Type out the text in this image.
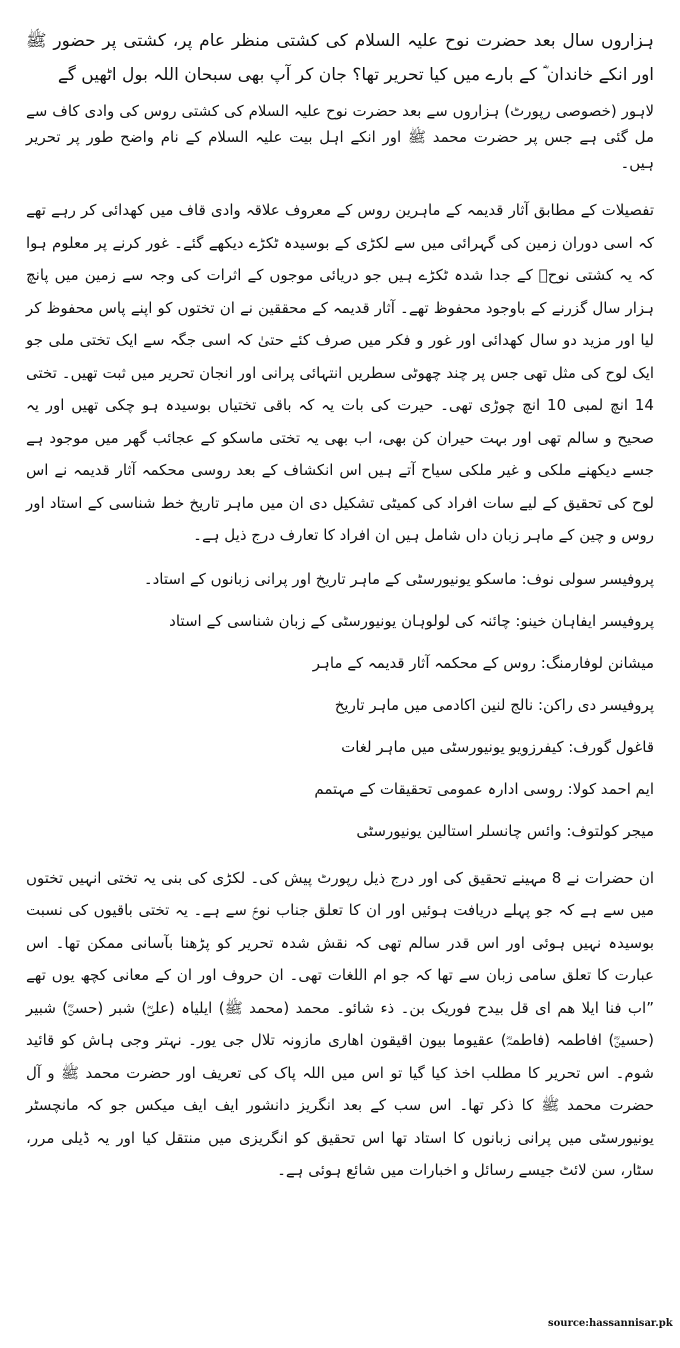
ہزاروں سال بعد حضرت نوح علیہ السلام کی کشتی منظر عام پر، کشتی پر حضور ﷺ اور انکے خاندان ؓ کے بارے میں کیا تحریر تھا؟ جان کر آپ بھی سبحان اللہ بول اٹھیں گے

لاہور (خصوصی رپورٹ) ہزاروں سے بعد حضرت نوح علیہ السلام کی کشتی روس کی وادی کاف سے مل گئی ہے جس پر حضرت محمد ﷺ اور انکے اہل بیت علیہ السلام کے نام واضح طور پر تحریر ہیں۔

تفصیلات کے مطابق آثار قدیمہ کے ماہرین روس کے معروف علاقہ وادی قاف میں کھدائی کر رہے تھے کہ اسی دوران زمین کی گہرائی میں سے لکڑی کے بوسیدہ ٹکڑے دیکھے گئے۔ غور کرنے پر معلوم ہوا کہ یہ کشتی نوحؑ کے جدا شدہ ٹکڑے ہیں جو دریائی موجوں کے اثرات کی وجہ سے زمین میں پانچ ہزار سال گزرنے کے باوجود محفوظ تھے۔ آثار قدیمہ کے محققین نے ان تختوں کو اپنے پاس محفوظ کر لیا اور مزید دو سال کھدائی اور غور و فکر میں صرف کئے حتیٰ کہ اسی جگہ سے ایک تختی ملی جو ایک لوح کی مثل تھی جس پر چند چھوٹی سطریں انتہائی پرانی اور انجان تحریر میں ثبت تھیں۔ تختی 14 انچ لمبی 10 انچ چوڑی تھی۔ حیرت کی بات یہ کہ باقی تختیاں بوسیدہ ہو چکی تھیں اور یہ صحیح و سالم تھی اور بہت حیران کن بھی، اب بھی یہ تختی ماسکو کے عجائب گھر میں موجود ہے جسے دیکھنے ملکی و غیر ملکی سیاح آتے ہیں اس انکشاف کے بعد روسی محکمہ آثار قدیمہ نے اس لوح کی تحقیق کے لیے سات افراد کی کمیٹی تشکیل دی ان میں ماہر تاریخ خط شناسی کے استاد اور روس و چین کے ماہر زبان داں شامل ہیں ان افراد کا تعارف درج ذیل ہے۔

پروفیسر سولی نوف: ماسکو یونیورسٹی کے ماہر تاریخ اور پرانی زبانوں کے استاد۔
پروفیسر ایفاہان خینو: چائنہ کی لولوہان یونیورسٹی کے زبان شناسی کے استاد
میشانن لوفارمنگ: روس کے محکمہ آثار قدیمہ کے ماہر
پروفیسر دی راکن: نالج لنین اکادمی میں ماہر تاریخ
قاغول گورف: کیفرزویو یونیورسٹی میں ماہر لغات
ایم احمد کولا: روسی ادارہ عمومی تحقیقات کے مہتمم
میجر کولتوف: وائس چانسلر استالین یونیورسٹی

ان حضرات نے 8 مہینے تحقیق کی اور درج ذیل رپورٹ پیش کی۔ لکڑی کی بنی یہ تختی انہیں تختوں میں سے ہے کہ جو پہلے دریافت ہوئیں اور ان کا تعلق جناب نوحؑ سے ہے۔ یہ تختی باقیوں کی نسبت بوسیدہ نہیں ہوئی اور اس قدر سالم تھی کہ نقش شدہ تحریر کو پڑھنا بآسانی ممکن تھا۔ اس عبارت کا تعلق سامی زبان سے تھا کہ جو ام اللغات تھی۔ ان حروف اور ان کے معانی کچھ یوں تھے ”اب فنا ایلا ھم ای قل بیدح فوریک بن۔ ذء شائو۔ محمد (محمد ﷺ) ایلیاہ (علیؓ) شبر (حسنؓ) شبیر (حسینؓ) افاطمہ (فاطمہؓ) عقیوما بیون اقیقون اھاری مازونہ تلال جی یور۔ نہتر وجی ہاش کو قائید شوم۔ اس تحریر کا مطلب اخذ کیا گیا تو اس میں اللہ پاک کی تعریف اور حضرت محمد ﷺ و آل حضرت محمد ﷺ کا ذکر تھا۔ اس سب کے بعد انگریز دانشور ایف ایف میکس جو کہ مانچسٹر یونیورسٹی میں پرانی زبانوں کا استاد تھا اس تحقیق کو انگریزی میں منتقل کیا اور یہ ڈیلی مرر، سٹار، سن لائٹ جیسے رسائل و اخبارات میں شائع ہوئی ہے۔

source:hassannisar.pk
